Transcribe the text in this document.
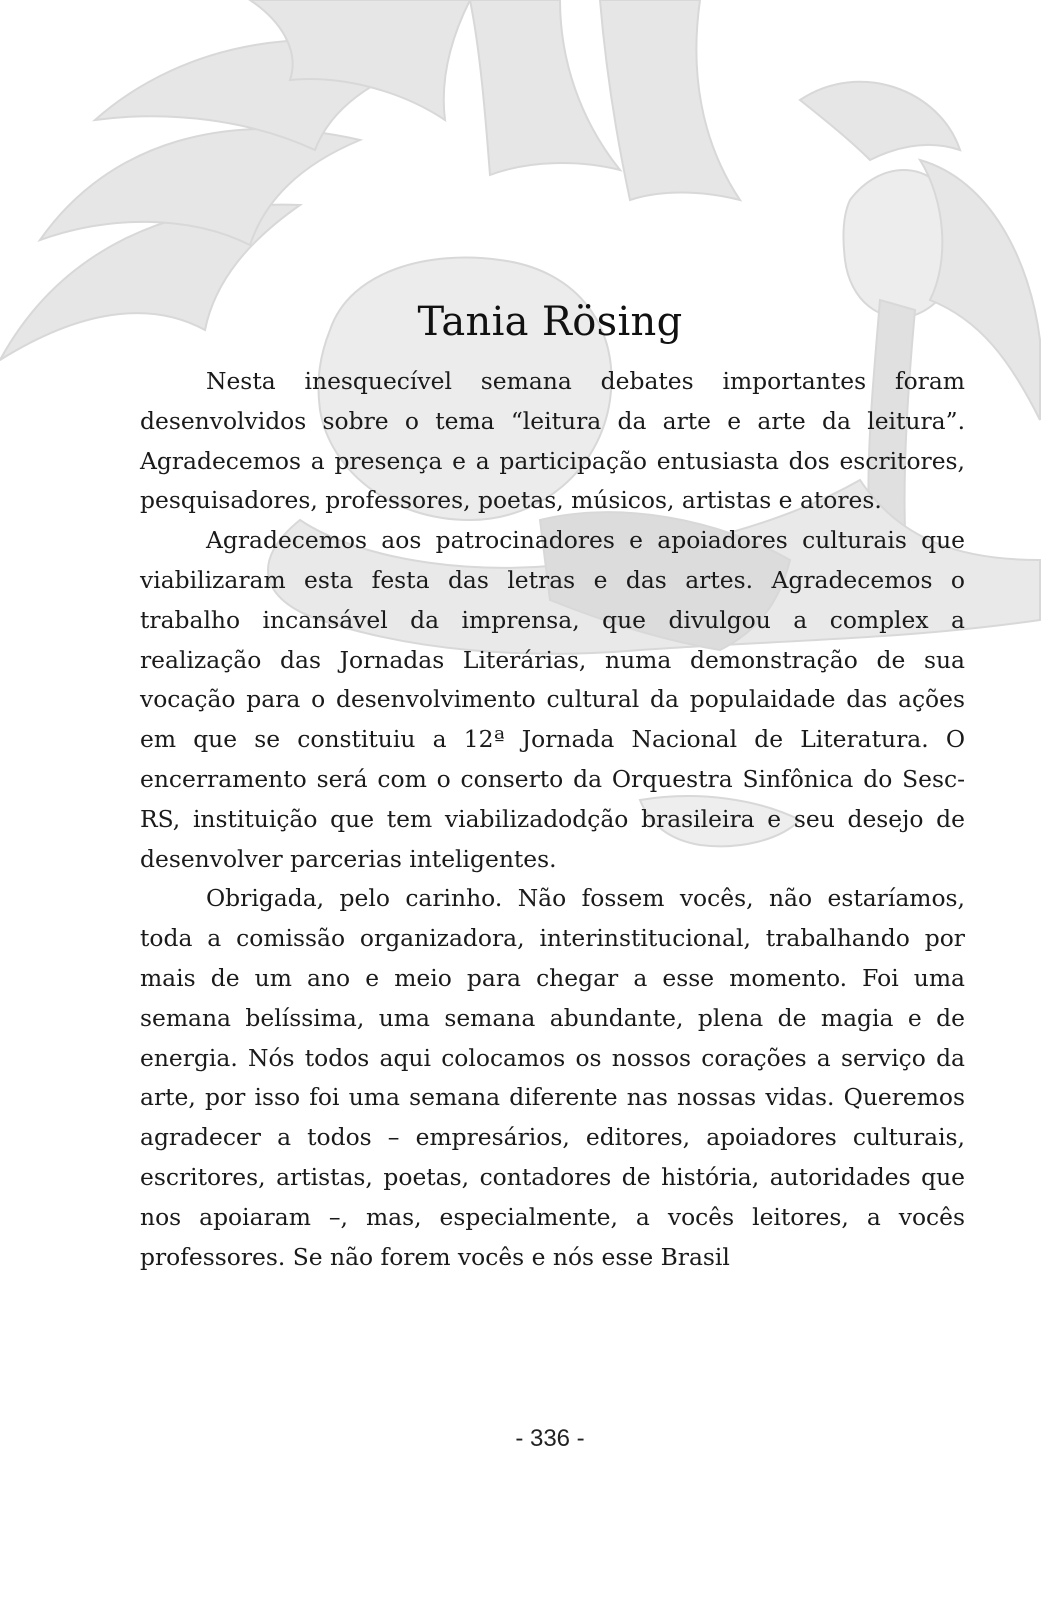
Tania Rösing

Nesta inesquecível semana debates importantes foram desenvolvidos sobre o tema “leitura da arte e arte da leitura”. Agradecemos a presença e a participação entusiasta dos escritores, pesquisadores, professores, poetas, músicos, artistas e atores.

Agradecemos aos patrocinadores e apoiadores culturais que viabilizaram esta festa das letras e das artes. Agradecemos o trabalho incansável da imprensa, que divulgou a complex a realização das Jornadas Literárias, numa demonstração de sua vocação para o desenvolvimento cultural da populaidade das ações em que se constituiu a 12ª Jornada Nacional de Literatura. O encerramento será com o conserto da Orquestra Sinfônica do Sesc-RS, instituição que tem viabilizadodção brasileira e seu desejo de desenvolver parcerias inteligentes.

Obrigada, pelo carinho. Não fossem vocês, não estaríamos, toda a comissão organizadora, interinstitucional, trabalhando por mais de um ano e meio para chegar a esse momento. Foi uma semana belíssima, uma semana abundante, plena de magia e de energia. Nós todos aqui colocamos os nossos corações a serviço da arte, por isso foi uma semana diferente nas nossas vidas. Queremos agradecer a todos – empresários, editores, apoiadores culturais, escritores, artistas, poetas, contadores de história, autoridades que nos apoiaram –, mas, especialmente, a vocês leitores, a vocês professores. Se não forem vocês e nós esse Brasil

- 336 -
